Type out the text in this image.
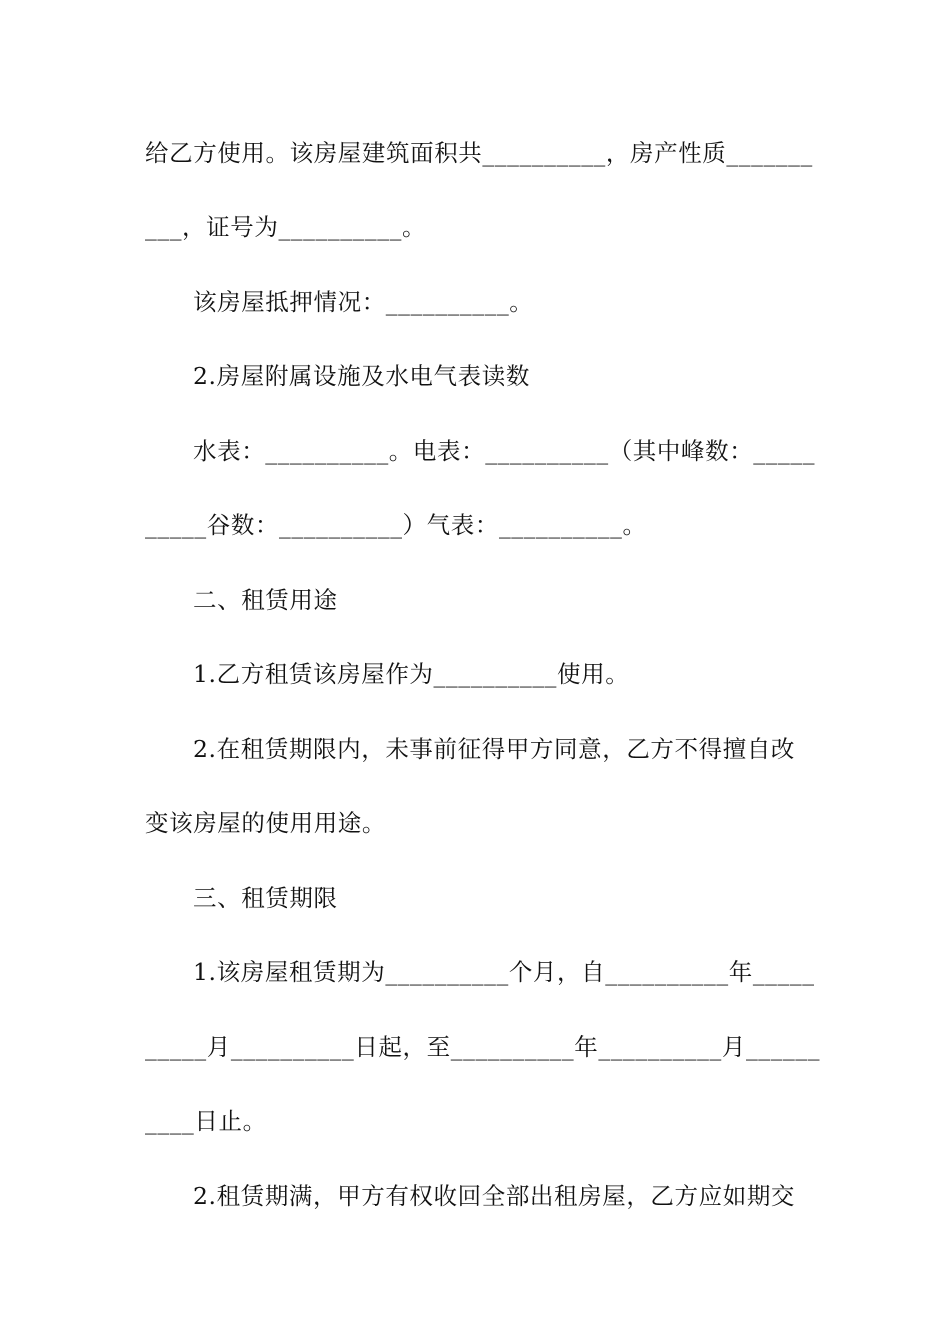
给乙方使用。该房屋建筑面积共__________，房产性质_______
___，证号为__________。
该房屋抵押情况：__________。
2.房屋附属设施及水电气表读数
水表：__________。电表：__________（其中峰数：_____
_____谷数：__________）气表：__________。
二、租赁用途
1.乙方租赁该房屋作为__________使用。
2.在租赁期限内，未事前征得甲方同意，乙方不得擅自改
变该房屋的使用用途。
三、租赁期限
1.该房屋租赁期为__________个月，自__________年_____
_____月__________日起，至__________年__________月______
____日止。
2.租赁期满，甲方有权收回全部出租房屋，乙方应如期交
